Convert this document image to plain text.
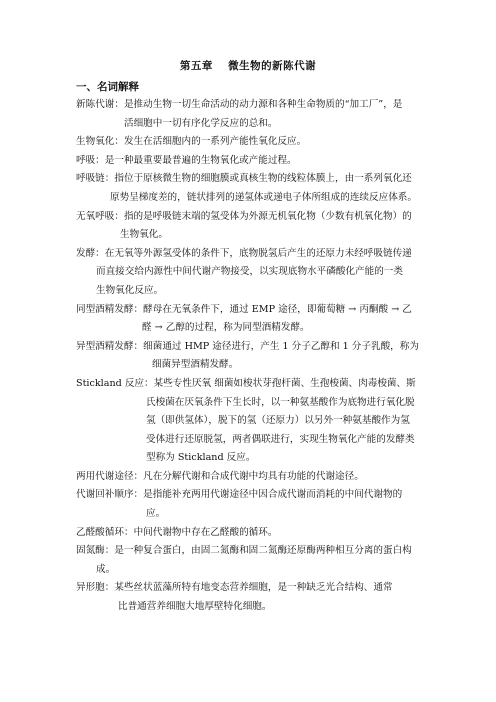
第五章　 微生物的新陈代谢
一、名词解释
新陈代谢：是推动生物一切生命活动的动力源和各种生命物质的“加工厂”，是
活细胞中一切有序化学反应的总和。
生物氧化：发生在活细胞内的一系列产能性氧化反应。
呼吸：是一种最重要最普遍的生物氧化或产能过程。
呼吸链：指位于原核微生物的细胞膜或真核生物的线粒体膜上，由一系列氧化还
原势呈梯度差的，链状排列的递氢体或递电子体所组成的连续反应体系。
无氧呼吸：指的是呼吸链末端的氢受体为外源无机氧化物（少数有机氧化物）的
生物氧化。
发酵：在无氧等外源氢受体的条件下，底物脱氢后产生的还原力未经呼吸链传递
而直接交给内源性中间代谢产物接受，以实现底物水平磷酸化产能的一类
生物氧化反应。
同型酒精发酵：酵母在无氧条件下，通过 EMP 途径，即葡萄糖 → 丙酮酸 → 乙
醛 → 乙醇的过程，称为同型酒精发酵。
异型酒精发酵：细菌通过 HMP 途径进行，产生 1 分子乙醇和 1 分子乳酸，称为
细菌异型酒精发酵。
Stickland 反应：某些专性厌氧 细菌如梭状芽孢杆菌、生孢梭菌、肉毒梭菌、斯
氏梭菌在厌氧条件下生长时，以一种氨基酸作为底物进行氧化脱
氢（即供氢体），脱下的氢（还原力）以另外一种氨基酸作为氢
受体进行还原脱氢，两者偶联进行，实现生物氧化产能的发酵类
型称为 Stickland 反应。
两用代谢途径：凡在分解代谢和合成代谢中均具有功能的代谢途径。
代谢回补顺序：是指能补充两用代谢途径中因合成代谢而消耗的中间代谢物的
应。
乙醛酸循环：中间代谢物中存在乙醛酸的循环。
固氮酶：是一种复合蛋白，由固二氮酶和固二氮酶还原酶两种相互分离的蛋白构
成。
异形胞：某些丝状蓝藻所特有地变态营养细胞，是一种缺乏光合结构、通常
比普通营养细胞大地厚壁特化细胞。
